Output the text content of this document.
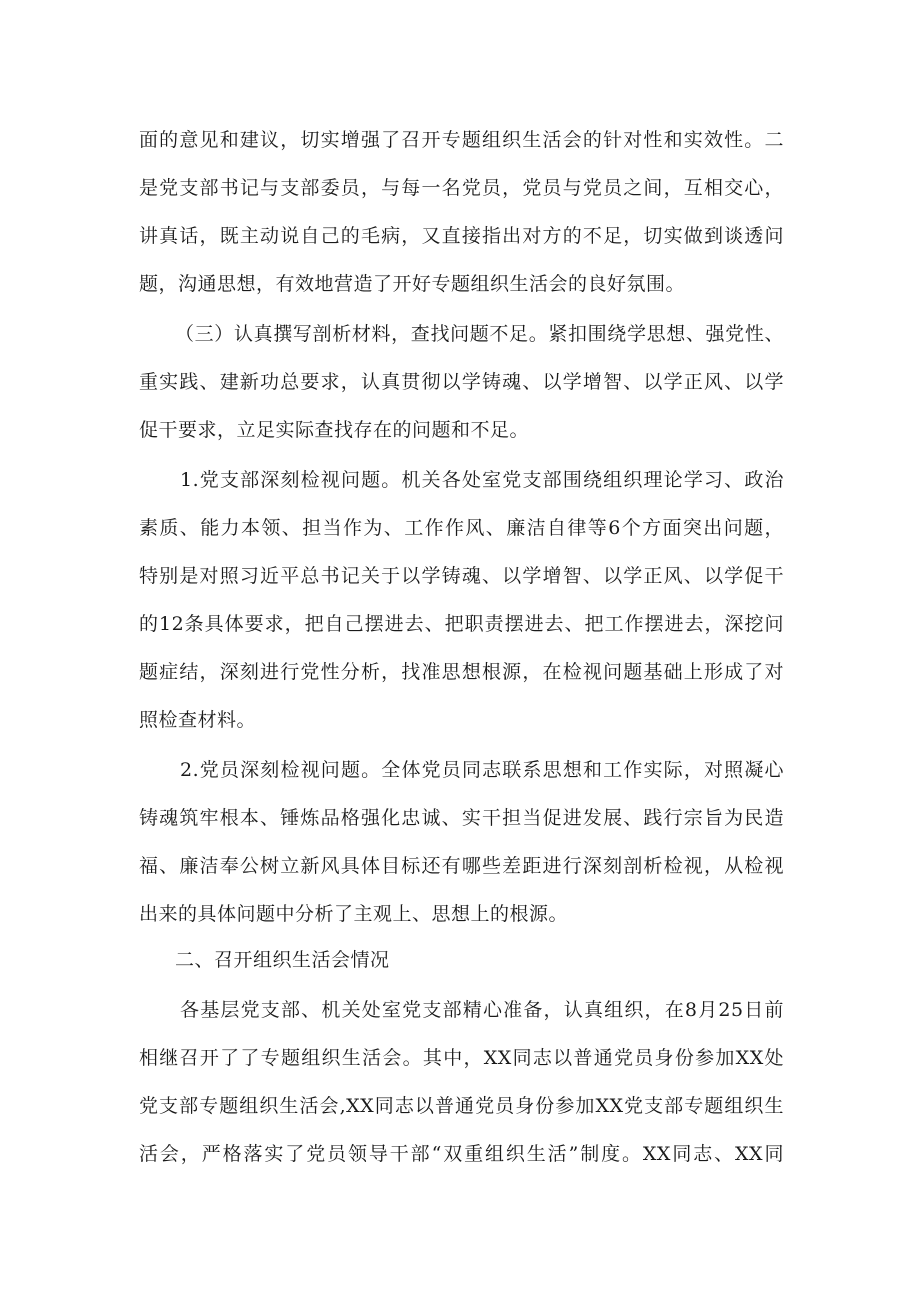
面的意见和建议，切实增强了召开专题组织生活会的针对性和实效性。二
是党支部书记与支部委员，与每一名党员，党员与党员之间，互相交心，
讲真话，既主动说自己的毛病，又直接指出对方的不足，切实做到谈透问
题，沟通思想，有效地营造了开好专题组织生活会的良好氛围。
（三）认真撰写剖析材料，查找问题不足。紧扣围绕学思想、强党性、
重实践、建新功总要求，认真贯彻以学铸魂、以学增智、以学正风、以学
促干要求，立足实际查找存在的问题和不足。
1.党支部深刻检视问题。机关各处室党支部围绕组织理论学习、政治
素质、能力本领、担当作为、工作作风、廉洁自律等6个方面突出问题，
特别是对照习近平总书记关于以学铸魂、以学增智、以学正风、以学促干
的12条具体要求，把自己摆进去、把职责摆进去、把工作摆进去，深挖问
题症结，深刻进行党性分析，找准思想根源，在检视问题基础上形成了对
照检查材料。
2.党员深刻检视问题。全体党员同志联系思想和工作实际，对照凝心
铸魂筑牢根本、锤炼品格强化忠诚、实干担当促进发展、践行宗旨为民造
福、廉洁奉公树立新风具体目标还有哪些差距进行深刻剖析检视，从检视
出来的具体问题中分析了主观上、思想上的根源。
二、召开组织生活会情况
各基层党支部、机关处室党支部精心准备，认真组织，在8月25日前
相继召开了了专题组织生活会。其中，XX同志以普通党员身份参加XX处
党支部专题组织生活会,XX同志以普通党员身份参加XX党支部专题组织生
活会，严格落实了党员领导干部“双重组织生活”制度。XX同志、XX同
